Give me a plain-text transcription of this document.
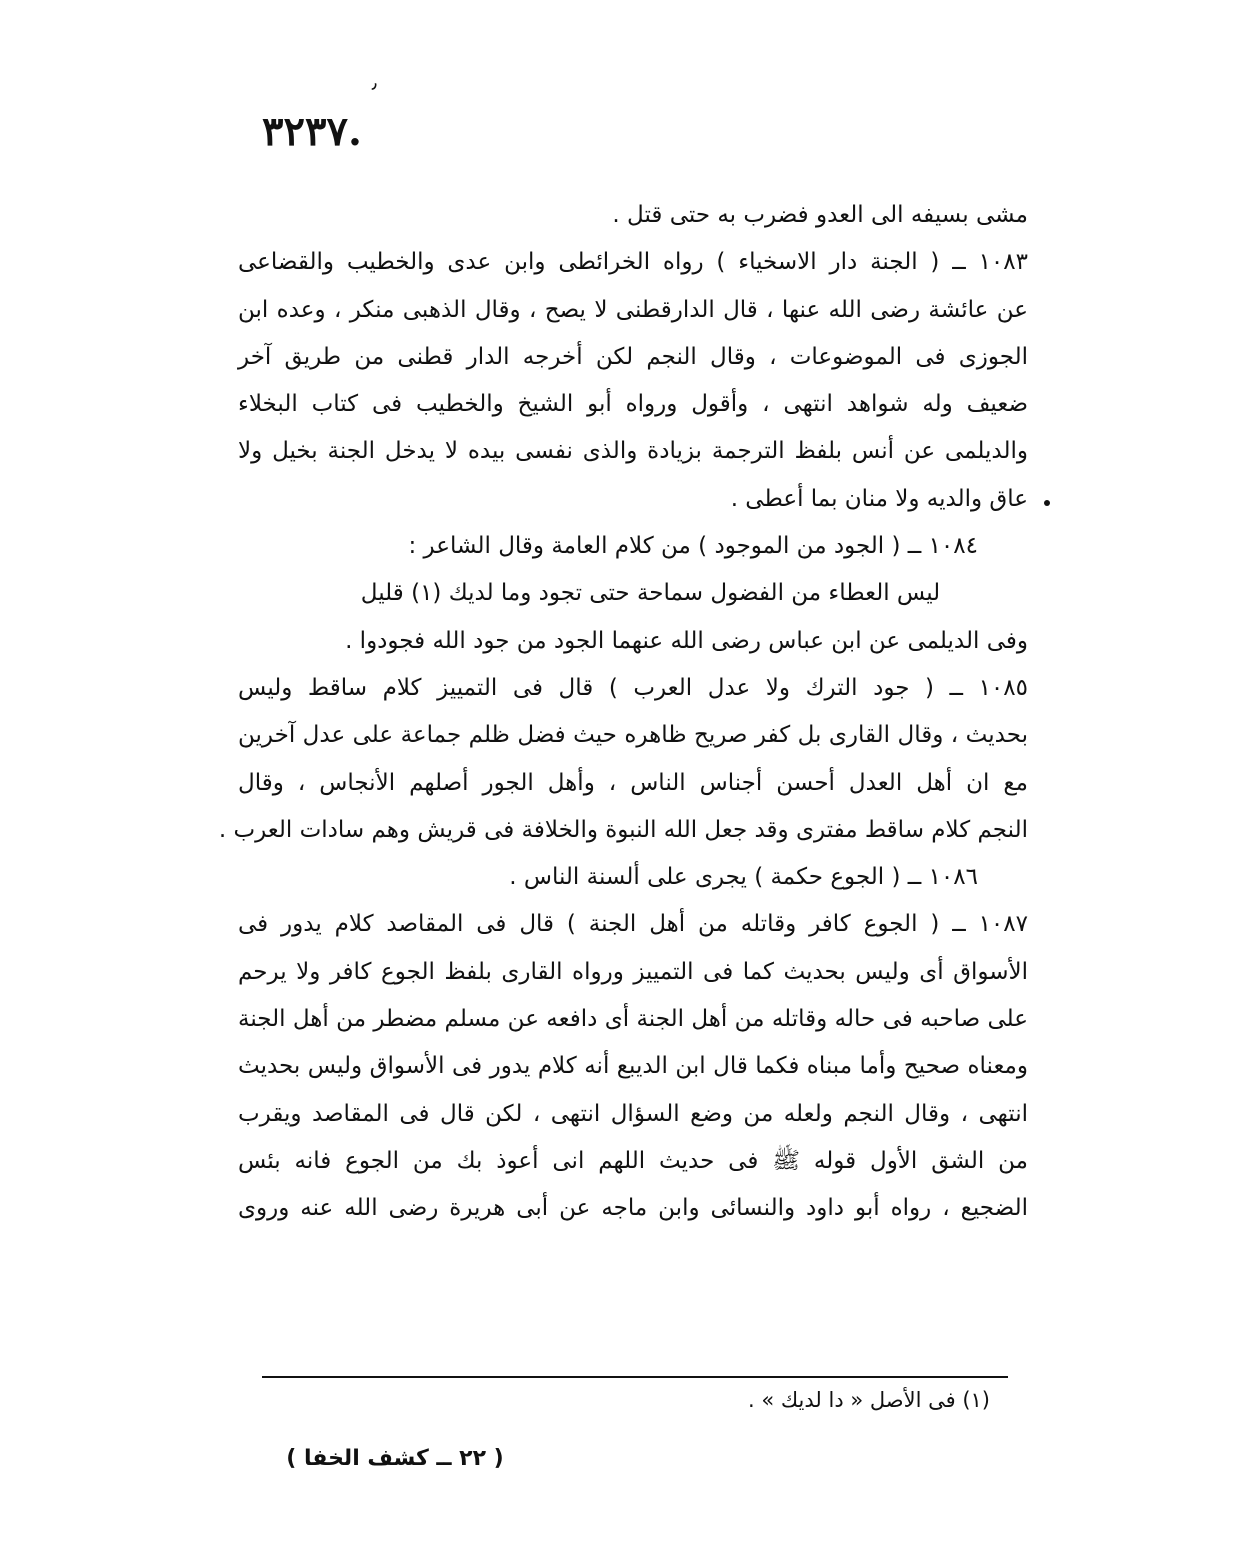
٣٢٣٧.
٫
مشى بسيفه الى العدو فضرب به حتى قتل .
١٠٨٣ ــ ( الجنة دار الاسخياء ) رواه الخرائطى وابن عدى والخطيب والقضاعى
عن عائشة رضى الله عنها ، قال الدارقطنى لا يصح ، وقال الذهبى منكر ، وعده ابن
الجوزى فى الموضوعات ، وقال النجم لكن أخرجه الدار قطنى من طريق آخر
ضعيف وله شواهد انتهى ، وأقول ورواه أبو الشيخ والخطيب فى كتاب البخلاء
والديلمى عن أنس بلفظ الترجمة بزيادة والذى نفسى بيده لا يدخل الجنة بخيل ولا
عاق والديه ولا منان بما أعطى .
١٠٨٤ ــ ( الجود من الموجود ) من كلام العامة وقال الشاعر :
ليس العطاء من الفضول سماحة حتى تجود وما لديك (١) قليل
وفى الديلمى عن ابن عباس رضى الله عنهما الجود من جود الله فجودوا .
١٠٨٥ ــ ( جود الترك ولا عدل العرب ) قال فى التمييز كلام ساقط وليس
بحديث ، وقال القارى بل كفر صريح ظاهره حيث فضل ظلم جماعة على عدل آخرين
مع ان أهل العدل أحسن أجناس الناس ، وأهل الجور أصلهم الأنجاس ، وقال
النجم كلام ساقط مفترى وقد جعل الله النبوة والخلافة فى قريش وهم سادات العرب .
١٠٨٦ ــ ( الجوع حكمة ) يجرى على ألسنة الناس .
١٠٨٧ ــ ( الجوع كافر وقاتله من أهل الجنة ) قال فى المقاصد كلام يدور فى
الأسواق أى وليس بحديث كما فى التمييز ورواه القارى بلفظ الجوع كافر ولا يرحم
على صاحبه فى حاله وقاتله من أهل الجنة أى دافعه عن مسلم مضطر من أهل الجنة
ومعناه صحيح وأما مبناه فكما قال ابن الديبع أنه كلام يدور فى الأسواق وليس بحديث
انتهى ، وقال النجم ولعله من وضع السؤال انتهى ، لكن قال فى المقاصد ويقرب
من الشق الأول قوله ﷺ فى حديث اللهم انى أعوذ بك من الجوع فانه بئس
الضجيع ، رواه أبو داود والنسائى وابن ماجه عن أبى هريرة رضى الله عنه وروى
(١) فى الأصل « دا لديك » .
( ٢٢ ــ كشف الخفا )
